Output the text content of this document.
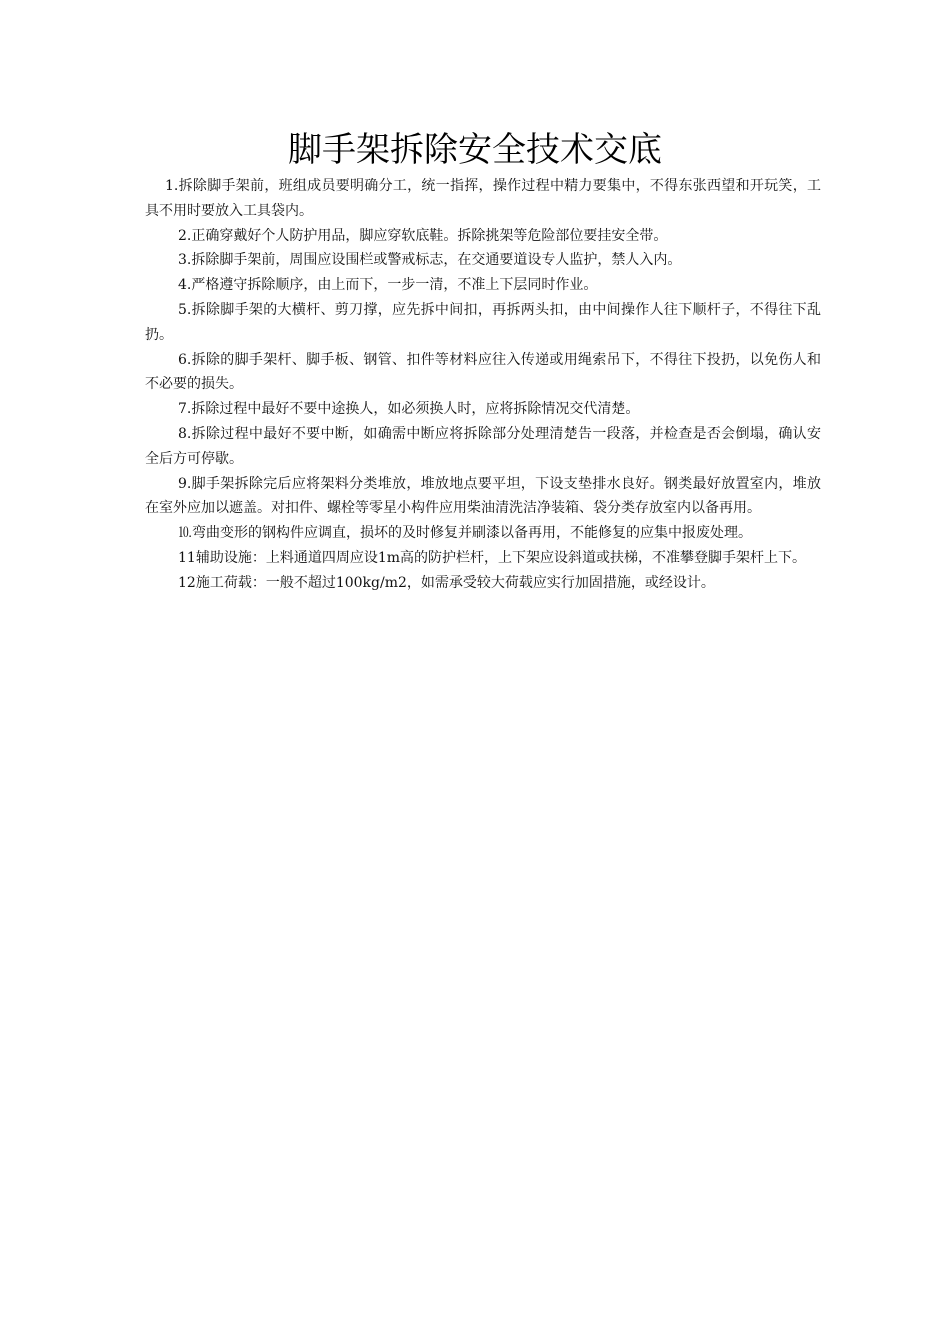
脚手架拆除安全技术交底

1.拆除脚手架前，班组成员要明确分工，统一指挥，操作过程中精力要集中，不得东张西望和开玩笑，工具不用时要放入工具袋内。

2.正确穿戴好个人防护用品，脚应穿软底鞋。拆除挑架等危险部位要挂安全带。

3.拆除脚手架前，周围应设围栏或警戒标志，在交通要道设专人监护，禁人入内。

4.严格遵守拆除顺序，由上而下，一步一清，不准上下层同时作业。

5.拆除脚手架的大横杆、剪刀撑，应先拆中间扣，再拆两头扣，由中间操作人往下顺杆子，不得往下乱扔。

6.拆除的脚手架杆、脚手板、钢管、扣件等材料应往入传递或用绳索吊下，不得往下投扔，以免伤人和不必要的损失。

7.拆除过程中最好不要中途换人，如必须换人时，应将拆除情况交代清楚。

8.拆除过程中最好不要中断，如确需中断应将拆除部分处理清楚告一段落，并检查是否会倒塌，确认安全后方可停歇。

9.脚手架拆除完后应将架料分类堆放，堆放地点要平坦，下设支垫排水良好。钢类最好放置室内，堆放在室外应加以遮盖。对扣件、螺栓等零星小构件应用柴油清洗洁净装箱、袋分类存放室内以备再用。

⒑弯曲变形的钢构件应调直，损坏的及时修复并刷漆以备再用，不能修复的应集中报废处理。

11辅助设施：上料通道四周应设1m高的防护栏杆，上下架应设斜道或扶梯，不准攀登脚手架杆上下。

12施工荷载：一般不超过100kg/m2，如需承受较大荷载应实行加固措施，或经设计。
